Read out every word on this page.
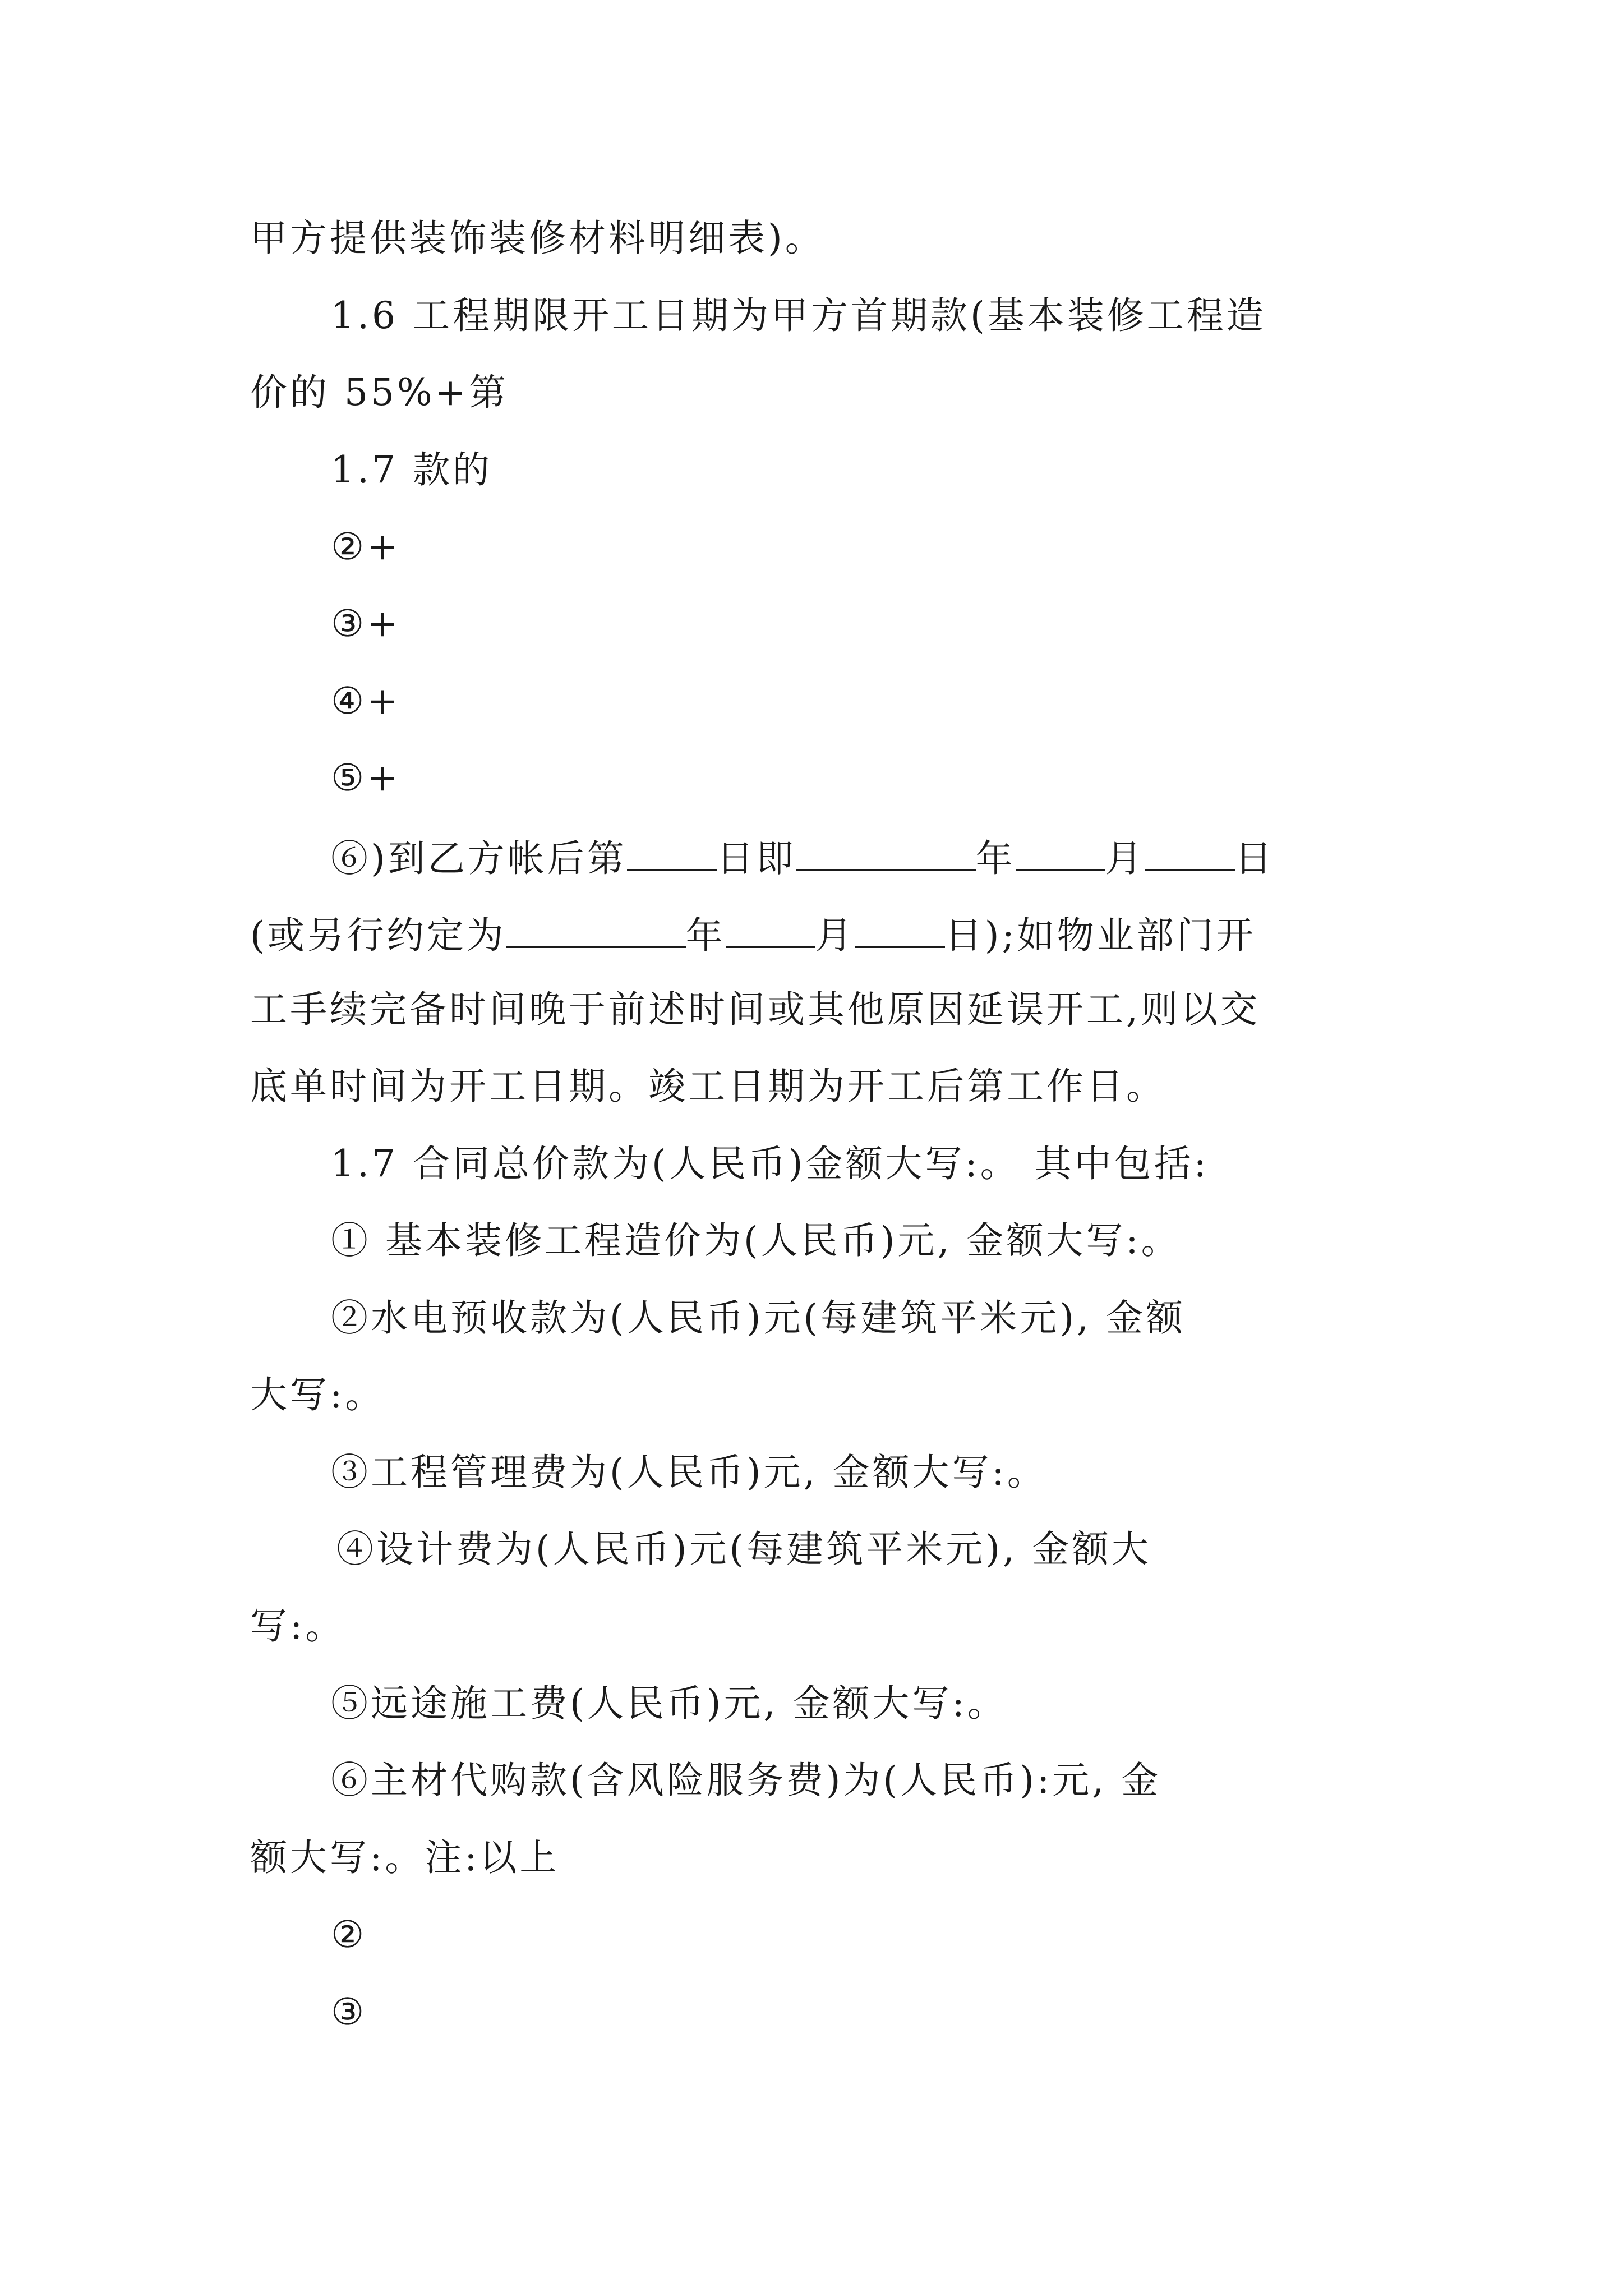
甲方提供装饰装修材料明细表)。
1.6 工程期限开工日期为甲方首期款(基本装修工程造
价的 55%+第
1.7 款的
②+
③+
④+
⑤+
⑥)到乙方帐后第 日即	年 月 日
(或另行约定为	年 月 日);如物业部门开
工手续完备时间晚于前述时间或其他原因延误开工,则以交
底单时间为开工日期。竣工日期为开工后第工作日。
1.7 合同总价款为(人民币)金额大写:。 其中包括:
① 基本装修工程造价为(人民币)元, 金额大写:。
②水电预收款为(人民币)元(每建筑平米元), 金额
大写:。
③工程管理费为(人民币)元, 金额大写:。
④设计费为(人民币)元(每建筑平米元), 金额大
写:。
⑤远途施工费(人民币)元, 金额大写:。
⑥主材代购款(含风险服务费)为(人民币):元, 金
额大写:。注:以上
②
③
